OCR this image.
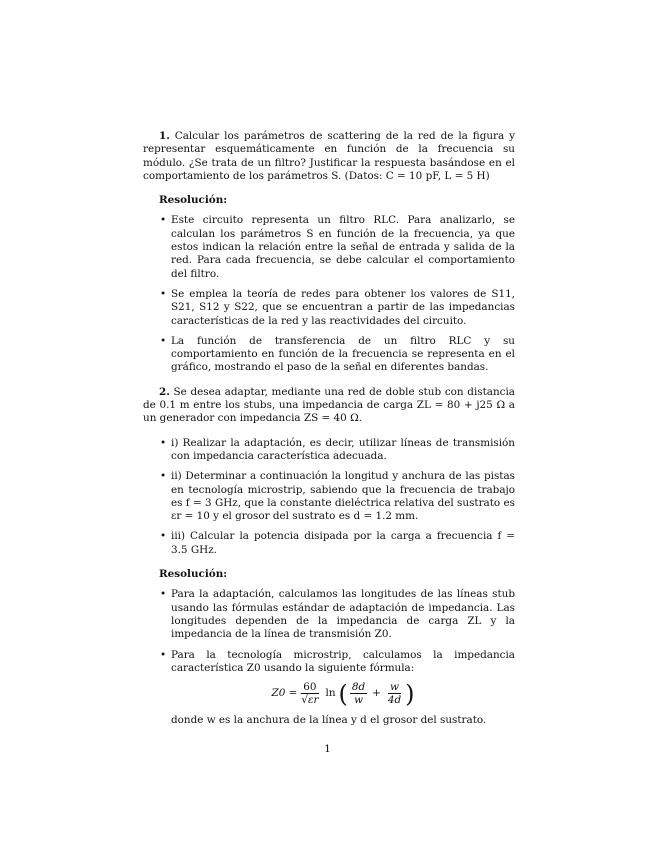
1. Calcular los parámetros de scattering de la red de la figura y representar esquemáticamente en función de la frecuencia su módulo. ¿Se trata de un filtro? Justificar la respuesta basándose en el comportamiento de los parámetros S. (Datos: C = 10 pF, L = 5 H)

Resolución:

• Este circuito representa un filtro RLC. Para analizarlo, se calculan los parámetros S en función de la frecuencia, ya que estos indican la relación entre la señal de entrada y salida de la red. Para cada frecuencia, se debe calcular el comportamiento del filtro.
• Se emplea la teoría de redes para obtener los valores de S11, S21, S12 y S22, que se encuentran a partir de las impedancias características de la red y las reactividades del circuito.
• La función de transferencia de un filtro RLC y su comportamiento en función de la frecuencia se representa en el gráfico, mostrando el paso de la señal en diferentes bandas.

2. Se desea adaptar, mediante una red de doble stub con distancia de 0.1 m entre los stubs, una impedancia de carga ZL = 80 + j25 Ω a un generador con impedancia ZS = 40 Ω.

• i) Realizar la adaptación, es decir, utilizar líneas de transmisión con impedancia característica adecuada.
• ii) Determinar a continuación la longitud y anchura de las pistas en tecnología microstrip, sabiendo que la frecuencia de trabajo es f = 3 GHz, que la constante dieléctrica relativa del sustrato es εr = 10 y el grosor del sustrato es d = 1.2 mm.
• iii) Calcular la potencia disipada por la carga a frecuencia f = 3.5 GHz.

Resolución:

• Para la adaptación, calculamos las longitudes de las líneas stub usando las fórmulas estándar de adaptación de impedancia. Las longitudes dependen de la impedancia de carga ZL y la impedancia de la línea de transmisión Z0.
• Para la tecnología microstrip, calculamos la impedancia característica Z0 usando la siguiente fórmula:
$Z0 = \frac{60}{√\varepsilon r}$ ln ( $\frac{8d}{w} + \frac{w}{4d}$ )
donde w es la anchura de la línea y d el grosor del sustrato.
1
